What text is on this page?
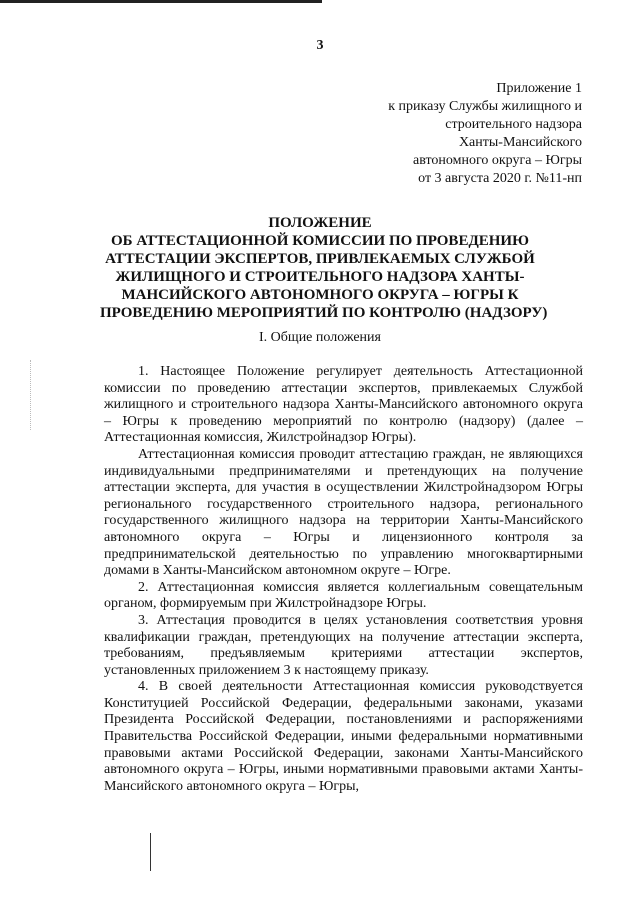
3
Приложение 1
к приказу Службы жилищного и
строительного надзора
Ханты-Мансийского
автономного округа – Югры
от 3 августа 2020 г. №11-нп
ПОЛОЖЕНИЕ
ОБ АТТЕСТАЦИОННОЙ КОМИССИИ ПО ПРОВЕДЕНИЮ
АТТЕСТАЦИИ ЭКСПЕРТОВ, ПРИВЛЕКАЕМЫХ СЛУЖБОЙ
ЖИЛИЩНОГО И СТРОИТЕЛЬНОГО НАДЗОРА ХАНТЫ-
МАНСИЙСКОГО АВТОНОМНОГО ОКРУГА – ЮГРЫ К
ПРОВЕДЕНИЮ МЕРОПРИЯТИЙ ПО КОНТРОЛЮ (НАДЗОРУ)
I. Общие положения

1. Настоящее Положение регулирует деятельность Аттестационной комиссии по проведению аттестации экспертов, привлекаемых Службой жилищного и строительного надзора Ханты-Мансийского автономного округа – Югры к проведению мероприятий по контролю (надзору) (далее – Аттестационная комиссия, Жилстройнадзор Югры).

Аттестационная комиссия проводит аттестацию граждан, не являющихся индивидуальными предпринимателями и претендующих на получение аттестации эксперта, для участия в осуществлении Жилстройнадзором Югры регионального государственного строительного надзора, регионального государственного жилищного надзора на территории Ханты-Мансийского автономного округа – Югры и лицензионного контроля за предпринимательской деятельностью по управлению многоквартирными домами в Ханты-Мансийском автономном округе – Югре.

2. Аттестационная комиссия является коллегиальным совещательным органом, формируемым при Жилстройнадзоре Югры.

3. Аттестация проводится в целях установления соответствия уровня квалификации граждан, претендующих на получение аттестации эксперта, требованиям, предъявляемым критериями аттестации экспертов, установленных приложением 3 к настоящему приказу.

4. В своей деятельности Аттестационная комиссия руководствуется Конституцией Российской Федерации, федеральными законами, указами Президента Российской Федерации, постановлениями и распоряжениями Правительства Российской Федерации, иными федеральными нормативными правовыми актами Российской Федерации, законами Ханты-Мансийского автономного округа – Югры, иными нормативными правовыми актами Ханты-Мансийского автономного округа – Югры,
